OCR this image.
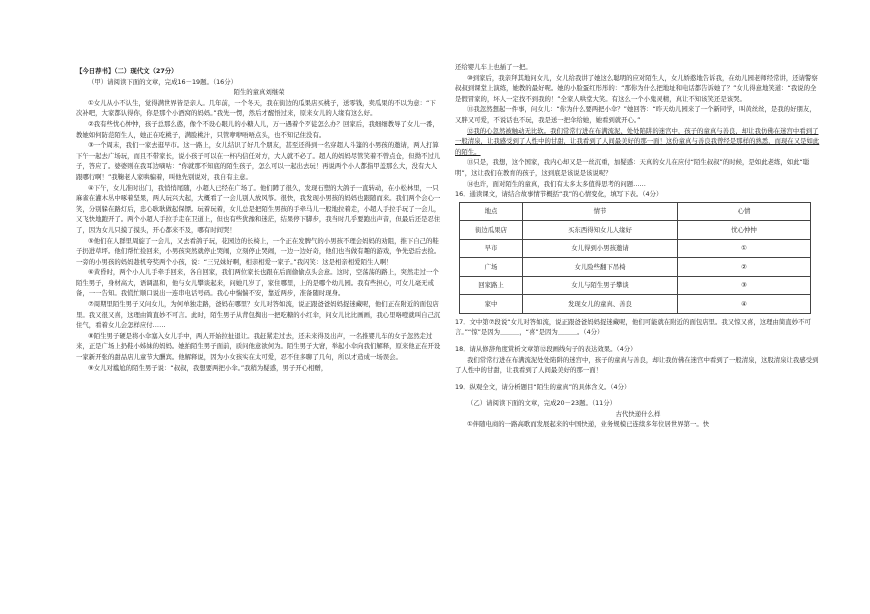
【今日荐书】（二）现代文（27分）

（甲）请阅读下面的文章，完成16－19题。（16分）

陌生的童真刘继荣

①女儿从小不认生，觉得满世界皆是亲人。几年前，一个冬天，我在街边的瓜果店买桃子，送零钱，卖瓜果的不以为意：“下次补吧，大家都认得你，你是那个小酒窝的妈妈。”我先一愣，然后才醒悟过来，原来女儿的人缘有这么好。

②我有些忧心忡忡，孩子总那么憨，像个不设心眼儿的小糖人儿，万一遇着个歹徒怎么办？回家后，我细细教导了女儿一番，教她如何防范陌生人，她正在吃桃子，满脸桃汁，只管咿咿唔唔点头，也不知记住没有。

③一个周末，我们一家去逛早市。这一路上，女儿结识了好几个朋友，甚至还得到一名穿超人斗篷的小男孩的邀请，两人打算下午一起去广场玩，而且不带家长，说小孩子可以在一杯内信任对方，大人就不必了。超人的妈妈尽管笑着不曾点仓，但拗不过儿子，答应了。婆婆则在我耳边嘀咕：“你就那不知底的陌生孩子，怎么可以一起出去玩！再说两个小人都指甲盖那么大，没有大人跟哪行啊！”我鞠老人家哄骗着，叫他先别说对，我自有主意。

④下午，女儿准时出门，我悄悄尾随，小超人已经在广场了。他们蹲了很久，发现石塑的大鸽子一直转动，在小松林里，一只麻雀在灌木丛中啄着坚果，两人玩兴大起，大概看了一会儿别人放风筝。很快，我发现小男孩的妈妈也跟随而来。我们两个会心一笑，分别躲在路灯后，忠心耿耿做起保镖。玩着玩着，女儿总是把陌生男孩的手牵马儿一般地拉着走，小超人手拉手玩了一会儿，又飞快地跑开了。两个小超人手拉手走在卫道上，但也有些犹豫和迷茫，结果停下脚步，我当时几乎要跑出声音，但最后还是忍住了，因为女儿只摸了摸头，开心都来不及，哪有时间哭！

⑤他们在人群里周旋了一会儿，又去看鸽子玩，花园边的长椅上，一个正在发脾气的小男孩不理会妈妈的劝阻，推下自己的鞋子扔进草坪。他们帮忙捡回来，小男孩突然就停止哭闹，立刻停止哭闹，一边一边好奇，他们也当做有趣的游戏，争先恐后去捡。一旁的小男孩的妈妈趁机夸奖两个小孩，说：“三兄妹好啊，相亲相爱一家子。”我闪笑：这是相亲相爱陌生人啊！

⑥黄昏时，两个小人儿手牵手回来，各自回家，我们两位家长也跟在后面偷偷点头会意。这时，空荡荡的路上，突然走过一个陌生男子，身材高大，语调温和，他与女儿攀谈起来，问她几岁了，家住哪里，上的是哪个幼儿园。我有些担心，可女儿毫无戒备，一一告知。我慌忙顺口说出一连串电话号码。我心中惴惴不安，靠近两步，准备随时现身。

⑦周期里陌生男子又问女儿，为何单独走路，爸妈在哪里？女儿对答如流，说正跟爸爸妈妈捉迷藏呢，他们正在附近的面包店里。我又很又喜，这理由简直妙不可言。此时，陌生男子从背包掏出一把吃糖的小红伞，问女儿比比画画，我心里咯噔就叫自己沉住气，看着女儿会怎样应付……

⑧陌生男子硬是将小伞塞入女儿手中，两人开始拉扯退让。我赶紧走过去，还未来得及出声，一名推婴儿车的女子忽然走过来，正是广场上扔鞋小姊妹的妈妈。她拍陌生男子面前，质问他意欲何为。陌生男子大窘，举起小伞向我们解释，原来他正在开设一家新开张的甜品店儿童节大酬宾。他解释说，因为小女孩实在太可爱，忍不住多聊了几句，所以才造成一场误会。

⑨女儿对尴尬的陌生男子说：“叔叔，我想要两把小伞。”我稍为疑惑，男子开心相赠，

还给婴儿车上也插了一把。

⑩到家后，我亲拜其地问女儿，女儿给我讲了她这么聪明的应对陌生人，女儿娇憨地告诉我，在幼儿园老师经常讲，还请警察叔叔到课堂上演练，她教的最好呢。她的小脸蛋红彤彤的：“那你为什么把地址和电话都告诉她了？”女儿得意地笑道：“我说的全是假冒家的，坏人一定找不到我的！”全家人哄堂大笑。有这么一个小鬼灵精，真让不知该笑还是该哭。

⑪我忽然想起一件事，问女儿：“你为什么要两把小伞？”她回答：“昨天幼儿园来了一个新同学，叫黄丝丝，是我的好朋友，又胖又可爱，不说话也不玩，我是送一把伞给她，她看到就开心。”

⑫我的心忽然被触动无比软。我们常常行进在布满流泥、处处陷阱的迷宫中，孩子的童真与善良，却让我仿佛在迷宫中看到了一般清泉，让我感受到了人性中的甘甜，让我看到了人间最美好的那一面！这份童真与善良我曾经是那样的熟悉，而现在又是如此的陌生。

⑬只是，我想，这个国家，我内心却又是一丝沉重，加疑惑：天真的女儿在应付“陌生叔叔”的时候，是如此老练，如此“聪明”，这让我们在教育的孩子，这到底是该说是该说呢？

⑭也许，面对陌生的童真，我们有太多太多值得思考的问题……

16．通读课文，请结合故事情节概括“我”的心情变化，填写下表。（4分）

地点	情节	心情
街边瓜果店	买东西得知女儿人缘好	忧心忡忡
早市	女儿得到小男孩邀请	①
广场	女儿险些翻下吊椅	②
回家路上	女儿与陌生男子攀谈	③
家中	发现女儿的童真、善良	④

17．文中第⑦段说“女儿对答如流，说正跟爸爸妈妈捉迷藏呢，他们可能就在附近的面包店里。我又惊又喜，这理由简直妙不可言。”“惊”是因为＿＿＿，“喜”是因为＿＿＿。（4分）

18．请从修辞角度赏析文章第⑫段画线句子的表达效果。（4分）

我们常常行进在布满流泥处处陷阱的迷宫中，孩子的童真与善良，却让我仿佛在迷宫中看到了一般清泉，这股清泉让我感受到了人性中的甘甜，让我看到了人间最美好的那一面！

19．纵观全文，请分析题目“陌生的童真”的具体含义。（4分）

（乙）请阅读下面的文章，完成20－23题。（11分）

古代快递什么样

①伴随电商的一路高歌而发展起来的中国快递，业务规模已连续多年位居世界第一。快
